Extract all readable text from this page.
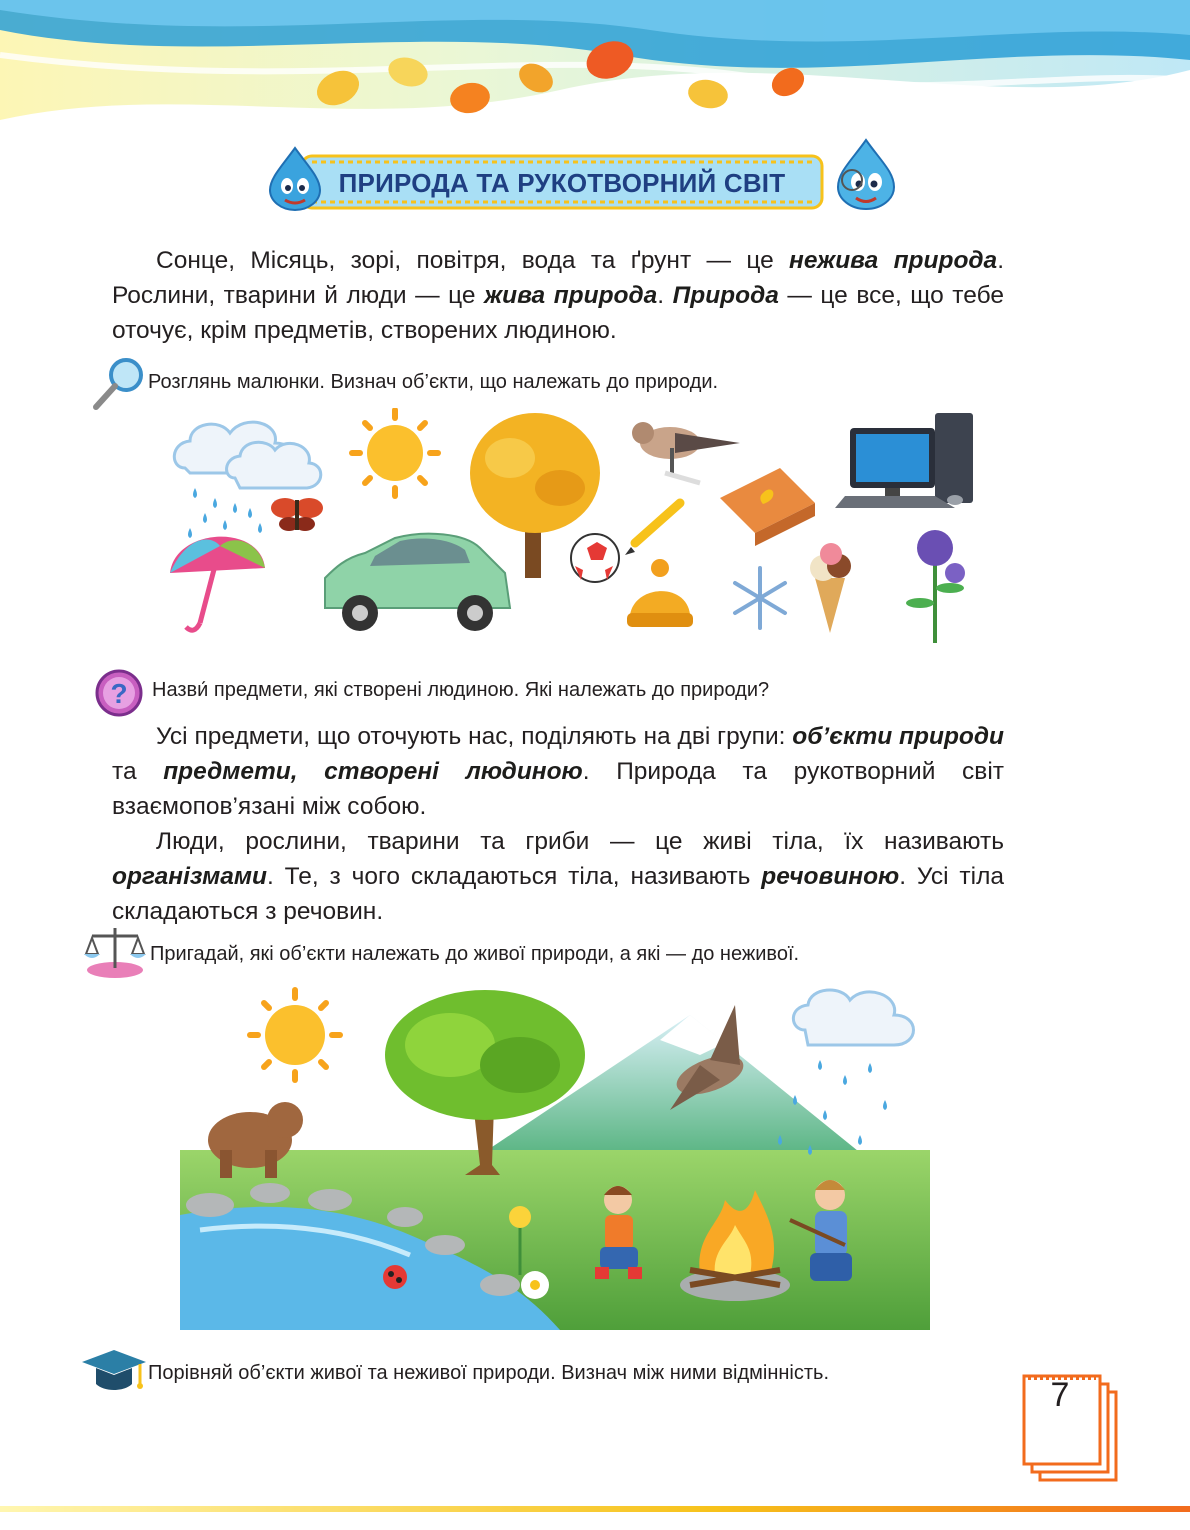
ПРИРОДА ТА РУКОТВОРНИЙ СВІТ

Сонце, Місяць, зорі, повітря, вода та ґрунт — це нежива природа. Рослини, тварини й люди — це жива природа. Природа — це все, що тебе оточує, крім предметів, створених людиною.

Розглянь малюнки. Визнач об’єкти, що належать до природи.
? Назви́ предмети, які створені людиною. Які належать до природи?

Усі предмети, що оточують нас, поділяють на дві групи: об’єкти природи та предмети, створені людиною. Природа та рукотворний світ взаємопов’язані між собою.

Люди, рослини, тварини та гриби — це живі тіла, їх називають організмами. Те, з чого складаються тіла, називають речовиною. Усі тіла складаються з речовин.

Пригадай, які об’єкти належать до живої природи, а які — до неживої.
Порівняй об’єкти живої та неживої природи. Визнач між ними відмінність.
7
